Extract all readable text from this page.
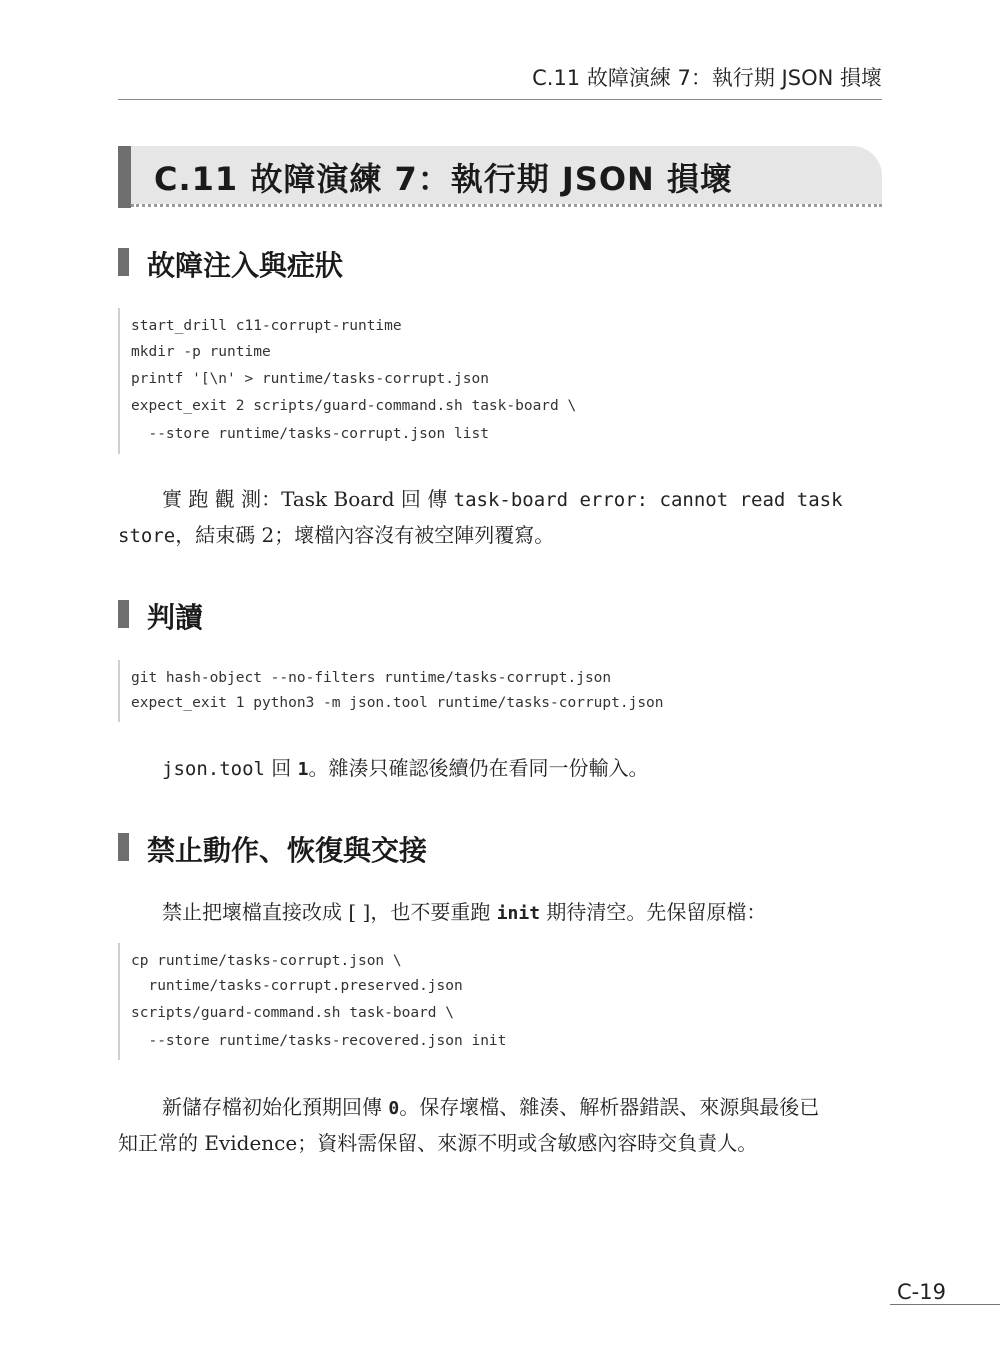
C.11 故障演練 7：執行期 JSON 損壞
C.11 故障演練 7：執行期 JSON 損壞
故障注入與症狀
start_drill c11-corrupt-runtime
mkdir -p runtime
printf '[\n' > runtime/tasks-corrupt.json
expect_exit 2 scripts/guard-command.sh task-board \
--store runtime/tasks-corrupt.json list
實 跑 觀 測：Task Board 回 傳 task-board error: cannot read task
store，結束碼 2；壞檔內容沒有被空陣列覆寫。
判讀
git hash-object --no-filters runtime/tasks-corrupt.json
expect_exit 1 python3 -m json.tool runtime/tasks-corrupt.json
json.tool 回 1。雜湊只確認後續仍在看同一份輸入。
禁止動作、恢復與交接
禁止把壞檔直接改成 [ ]，也不要重跑 init 期待清空。先保留原檔：
cp runtime/tasks-corrupt.json \
runtime/tasks-corrupt.preserved.json
scripts/guard-command.sh task-board \
--store runtime/tasks-recovered.json init
新儲存檔初始化預期回傳 0。保存壞檔、雜湊、解析器錯誤、來源與最後已
知正常的 Evidence；資料需保留、來源不明或含敏感內容時交負責人。
C-19
